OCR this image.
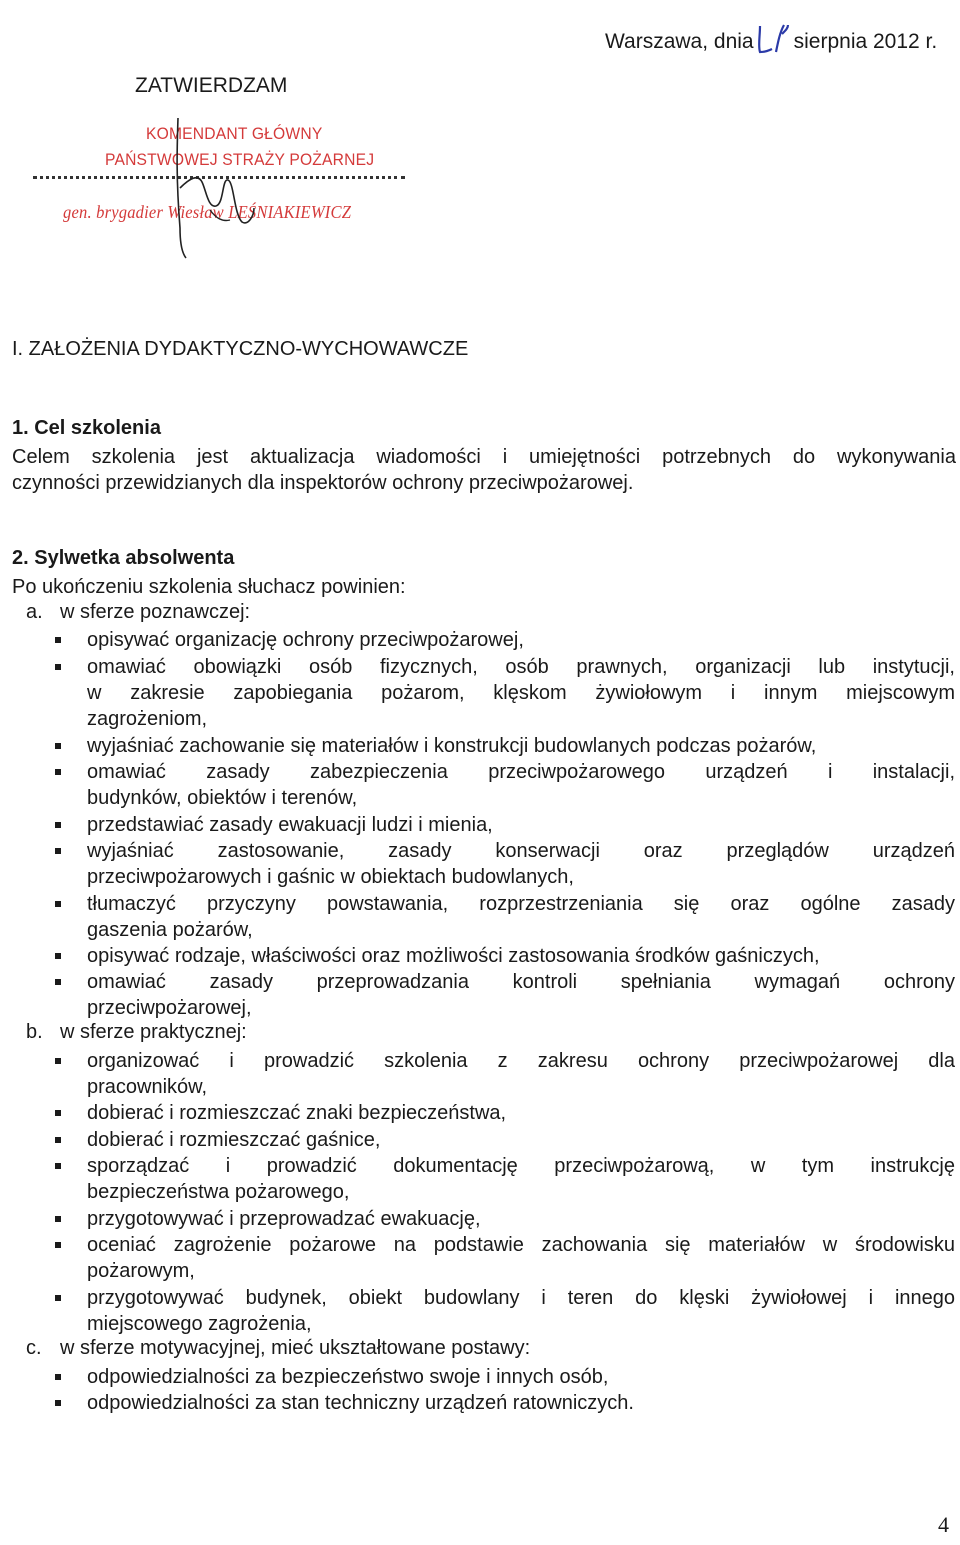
Warszawa, dnia sierpnia 2012 r.
ZATWIERDZAM
KOMENDANT GŁÓWNY
PAŃSTWOWEJ STRAŻY POŻARNEJ
gen. brygadier Wiesław LEŚNIAKIEWICZ
I. ZAŁOŻENIA DYDAKTYCZNO-WYCHOWAWCZE
1. Cel szkolenia
Celem szkolenia jest aktualizacja wiadomości i umiejętności potrzebnych do wykonywania
czynności przewidzianych dla inspektorów ochrony przeciwpożarowej.
2. Sylwetka absolwenta
Po ukończeniu szkolenia słuchacz powinien:
a. w sferze poznawczej:
opisywać organizację ochrony przeciwpożarowej,
omawiać obowiązki osób fizycznych, osób prawnych, organizacji lub instytucji,
w zakresie zapobiegania pożarom, klęskom żywiołowym i innym miejscowym
zagrożeniom,
wyjaśniać zachowanie się materiałów i konstrukcji budowlanych podczas pożarów,
omawiać zasady zabezpieczenia przeciwpożarowego urządzeń i instalacji,
budynków, obiektów i terenów,
przedstawiać zasady ewakuacji ludzi i mienia,
wyjaśniać zastosowanie, zasady konserwacji oraz przeglądów urządzeń
przeciwpożarowych i gaśnic w obiektach budowlanych,
tłumaczyć przyczyny powstawania, rozprzestrzeniania się oraz ogólne zasady
gaszenia pożarów,
opisywać rodzaje, właściwości oraz możliwości zastosowania środków gaśniczych,
omawiać zasady przeprowadzania kontroli spełniania wymagań ochrony
przeciwpożarowej,
b. w sferze praktycznej:
organizować i prowadzić szkolenia z zakresu ochrony przeciwpożarowej dla
pracowników,
dobierać i rozmieszczać znaki bezpieczeństwa,
dobierać i rozmieszczać gaśnice,
sporządzać i prowadzić dokumentację przeciwpożarową, w tym instrukcję
bezpieczeństwa pożarowego,
przygotowywać i przeprowadzać ewakuację,
oceniać zagrożenie pożarowe na podstawie zachowania się materiałów w środowisku
pożarowym,
przygotowywać budynek, obiekt budowlany i teren do klęski żywiołowej i innego
miejscowego zagrożenia,
c. w sferze motywacyjnej, mieć ukształtowane postawy:
odpowiedzialności za bezpieczeństwo swoje i innych osób,
odpowiedzialności za stan techniczny urządzeń ratowniczych.
4
